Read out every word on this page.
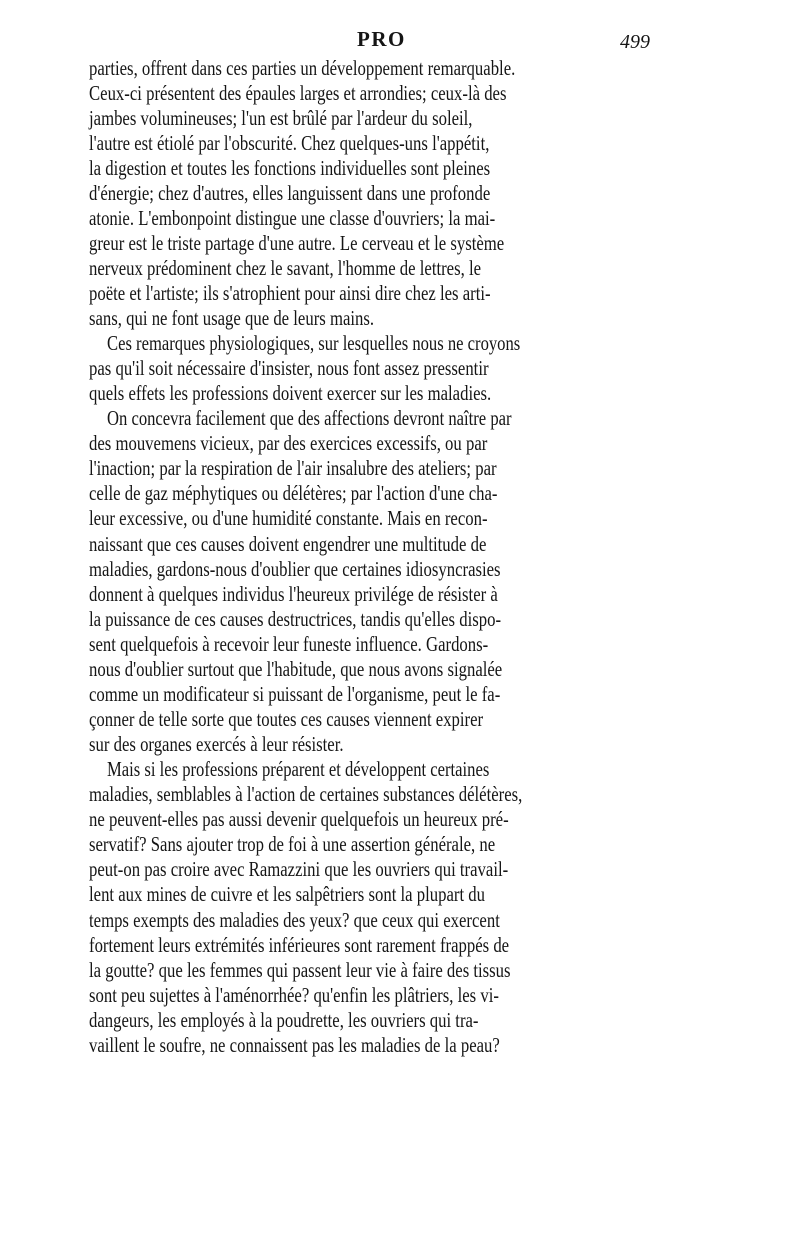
PRO	499
parties, offrent dans ces parties un développement remarquable.
Ceux-ci présentent des épaules larges et arrondies; ceux-là des
jambes volumineuses; l'un est brûlé par l'ardeur du soleil,
l'autre est étiolé par l'obscurité. Chez quelques-uns l'appétit,
la digestion et toutes les fonctions individuelles sont pleines
d'énergie; chez d'autres, elles languissent dans une profonde
atonie. L'embonpoint distingue une classe d'ouvriers; la mai-
greur est le triste partage d'une autre. Le cerveau et le système
nerveux prédominent chez le savant, l'homme de lettres, le
poëte et l'artiste; ils s'atrophient pour ainsi dire chez les arti-
sans, qui ne font usage que de leurs mains.
Ces remarques physiologiques, sur lesquelles nous ne croyons
pas qu'il soit nécessaire d'insister, nous font assez pressentir
quels effets les professions doivent exercer sur les maladies.
On concevra facilement que des affections devront naître par
des mouvemens vicieux, par des exercices excessifs, ou par
l'inaction; par la respiration de l'air insalubre des ateliers; par
celle de gaz méphytiques ou délétères; par l'action d'une cha-
leur excessive, ou d'une humidité constante. Mais en recon-
naissant que ces causes doivent engendrer une multitude de
maladies, gardons-nous d'oublier que certaines idiosyncrasies
donnent à quelques individus l'heureux privilége de résister à
la puissance de ces causes destructrices, tandis qu'elles dispo-
sent quelquefois à recevoir leur funeste influence. Gardons-
nous d'oublier surtout que l'habitude, que nous avons signalée
comme un modificateur si puissant de l'organisme, peut le fa-
çonner de telle sorte que toutes ces causes viennent expirer
sur des organes exercés à leur résister.
Mais si les professions préparent et développent certaines
maladies, semblables à l'action de certaines substances délétères,
ne peuvent-elles pas aussi devenir quelquefois un heureux pré-
servatif? Sans ajouter trop de foi à une assertion générale, ne
peut-on pas croire avec Ramazzini que les ouvriers qui travail-
lent aux mines de cuivre et les salpêtriers sont la plupart du
temps exempts des maladies des yeux? que ceux qui exercent
fortement leurs extrémités inférieures sont rarement frappés de
la goutte? que les femmes qui passent leur vie à faire des tissus
sont peu sujettes à l'aménorrhée? qu'enfin les plâtriers, les vi-
dangeurs, les employés à la poudrette, les ouvriers qui tra-
vaillent le soufre, ne connaissent pas les maladies de la peau?
